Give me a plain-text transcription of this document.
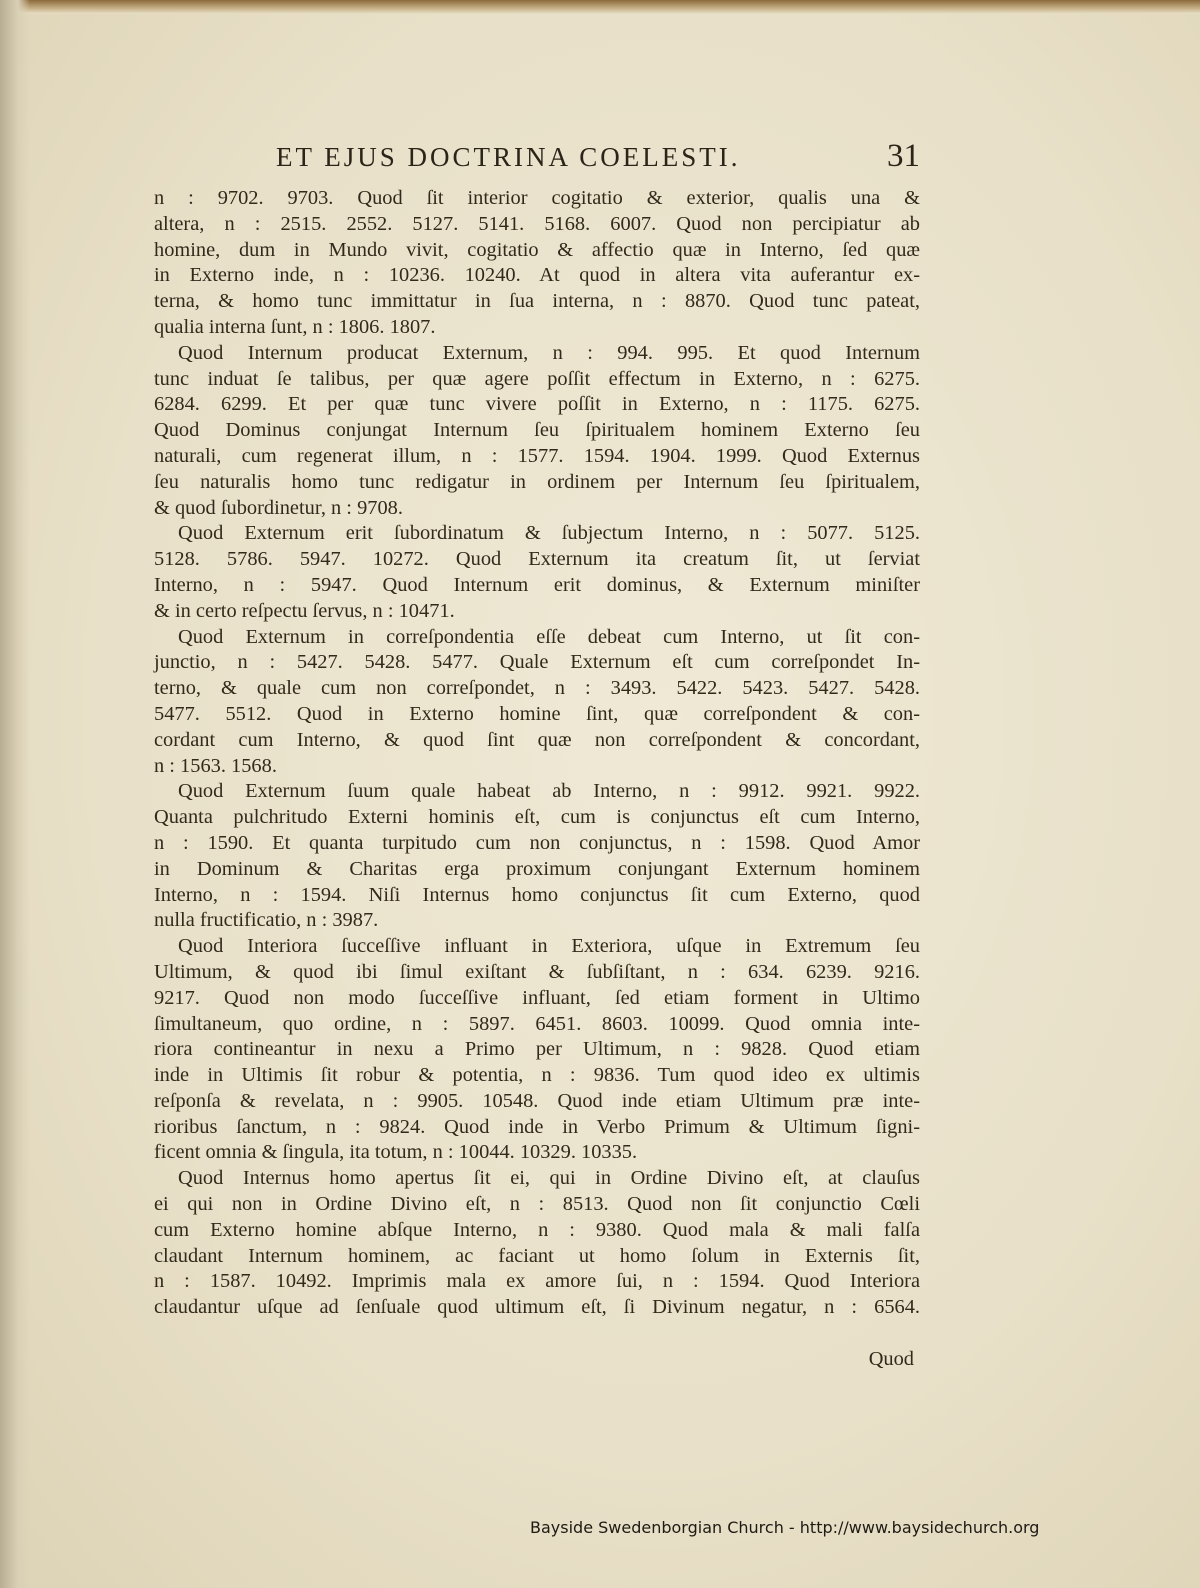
ET EJUS DOCTRINA COELESTI.	31
n : 9702. 9703. Quod ſit interior cogitatio & exterior, qualis una &
altera, n : 2515. 2552. 5127. 5141. 5168. 6007. Quod non percipiatur ab
homine, dum in Mundo vivit, cogitatio & affectio quæ in Interno, ſed quæ
in Externo inde, n : 10236. 10240. At quod in altera vita auferantur ex-
terna, & homo tunc immittatur in ſua interna, n : 8870. Quod tunc pateat,
qualia interna ſunt, n : 1806. 1807.
Quod Internum producat Externum, n : 994. 995. Et quod Internum
tunc induat ſe talibus, per quæ agere poſſit effectum in Externo, n : 6275.
6284. 6299. Et per quæ tunc vivere poſſit in Externo, n : 1175. 6275.
Quod Dominus conjungat Internum ſeu ſpiritualem hominem Externo ſeu
naturali, cum regenerat illum, n : 1577. 1594. 1904. 1999. Quod Externus
ſeu naturalis homo tunc redigatur in ordinem per Internum ſeu ſpiritualem,
& quod ſubordinetur, n : 9708.
Quod Externum erit ſubordinatum & ſubjectum Interno, n : 5077. 5125.
5128. 5786. 5947. 10272. Quod Externum ita creatum ſit, ut ſerviat
Interno, n : 5947. Quod Internum erit dominus, & Externum miniſter
& in certo reſpectu ſervus, n : 10471.
Quod Externum in correſpondentia eſſe debeat cum Interno, ut ſit con-
junctio, n : 5427. 5428. 5477. Quale Externum eſt cum correſpondet In-
terno, & quale cum non correſpondet, n : 3493. 5422. 5423. 5427. 5428.
5477. 5512. Quod in Externo homine ſint, quæ correſpondent & con-
cordant cum Interno, & quod ſint quæ non correſpondent & concordant,
n : 1563. 1568.
Quod Externum ſuum quale habeat ab Interno, n : 9912. 9921. 9922.
Quanta pulchritudo Externi hominis eſt, cum is conjunctus eſt cum Interno,
n : 1590. Et quanta turpitudo cum non conjunctus, n : 1598. Quod Amor
in Dominum & Charitas erga proximum conjungant Externum hominem
Interno, n : 1594. Niſi Internus homo conjunctus ſit cum Externo, quod
nulla fructificatio, n : 3987.
Quod Interiora ſucceſſive influant in Exteriora, uſque in Extremum ſeu
Ultimum, & quod ibi ſimul exiſtant & ſubſiſtant, n : 634. 6239. 9216.
9217. Quod non modo ſucceſſive influant, ſed etiam forment in Ultimo
ſimultaneum, quo ordine, n : 5897. 6451. 8603. 10099. Quod omnia inte-
riora contineantur in nexu a Primo per Ultimum, n : 9828. Quod etiam
inde in Ultimis ſit robur & potentia, n : 9836. Tum quod ideo ex ultimis
reſponſa & revelata, n : 9905. 10548. Quod inde etiam Ultimum præ inte-
rioribus ſanctum, n : 9824. Quod inde in Verbo Primum & Ultimum ſigni-
ficent omnia & ſingula, ita totum, n : 10044. 10329. 10335.
Quod Internus homo apertus ſit ei, qui in Ordine Divino eſt, at clauſus
ei qui non in Ordine Divino eſt, n : 8513. Quod non ſit conjunctio Cœli
cum Externo homine abſque Interno, n : 9380. Quod mala & mali falſa
claudant Internum hominem, ac faciant ut homo ſolum in Externis ſit,
n : 1587. 10492. Imprimis mala ex amore ſui, n : 1594. Quod Interiora
claudantur uſque ad ſenſuale quod ultimum eſt, ſi Divinum negatur, n : 6564.
Quod
Bayside Swedenborgian Church - http://www.baysidechurch.org
